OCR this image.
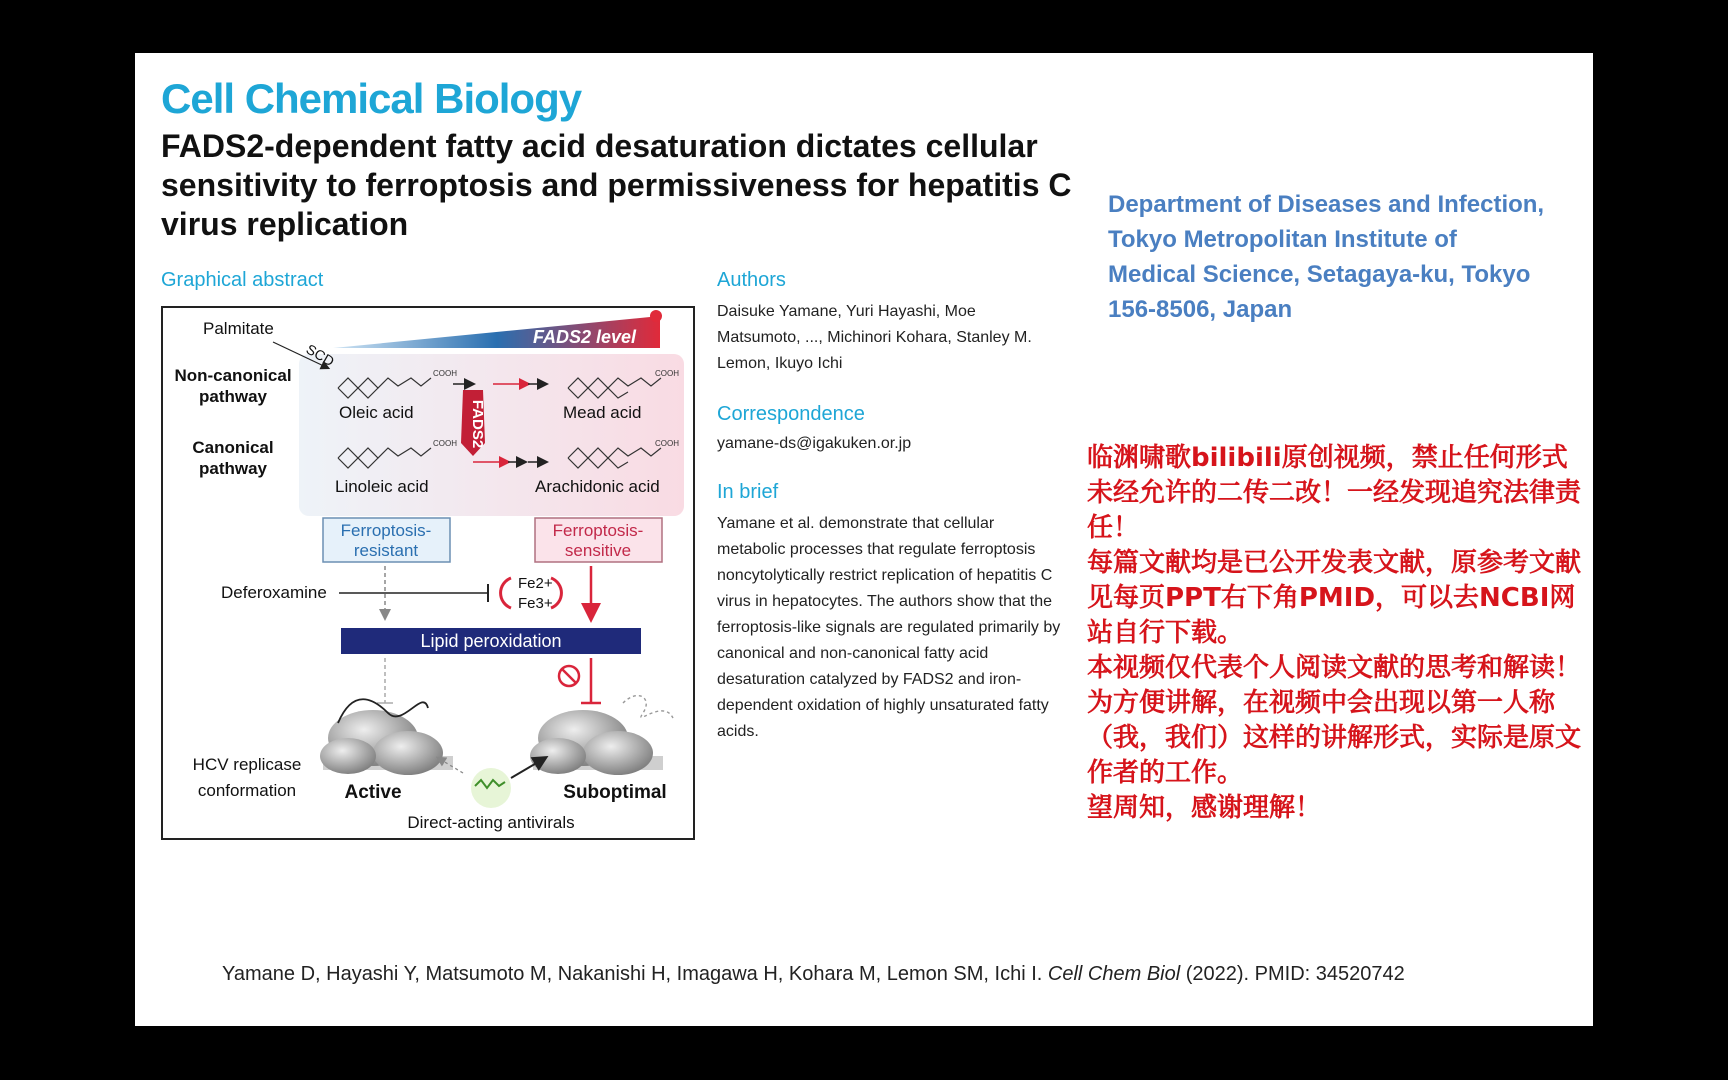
Cell Chemical Biology
FADS2-dependent fatty acid desaturation dictates cellular sensitivity to ferroptosis and permissiveness for hepatitis C virus replication
Graphical abstract
FADS2 level
Palmitate
SCD
Non-canonical
pathway
Canonical
pathway
COOH
Oleic acid
COOH
Mead acid
COOH
Linoleic acid
COOH
Arachidonic acid
FADS2
Ferroptosis-
resistant
Ferroptosis-
sensitive
Deferoxamine	Fe2+
Fe3+
Lipid peroxidation
HCV replicase
conformation	Active	Suboptimal
Direct-acting antivirals
Authors
Daisuke Yamane, Yuri Hayashi, Moe Matsumoto, ..., Michinori Kohara, Stanley M. Lemon, Ikuyo Ichi
Correspondence
yamane-ds@igakuken.or.jp
In brief
Yamane et al. demonstrate that cellular metabolic processes that regulate ferroptosis noncytolytically restrict replication of hepatitis C virus in hepatocytes. The authors show that the ferroptosis-like signals are regulated primarily by canonical and non-canonical fatty acid desaturation catalyzed by FADS2 and iron-dependent oxidation of highly unsaturated fatty acids.
Department of Diseases and Infection, Tokyo Metropolitan Institute of Medical Science, Setagaya-ku, Tokyo 156-8506, Japan

临渊啸歌bilibili原创视频，禁止任何形式未经允许的二传二改！一经发现追究法律责任！

每篇文献均是已公开发表文献，原参考文献见每页PPT右下角PMID，可以去NCBI网站自行下载。

本视频仅代表个人阅读文献的思考和解读！

为方便讲解，在视频中会出现以第一人称（我，我们）这样的讲解形式，实际是原文作者的工作。

望周知，感谢理解！

Yamane D, Hayashi Y, Matsumoto M, Nakanishi H, Imagawa H, Kohara M, Lemon SM, Ichi I. Cell Chem Biol (2022). PMID: 34520742
